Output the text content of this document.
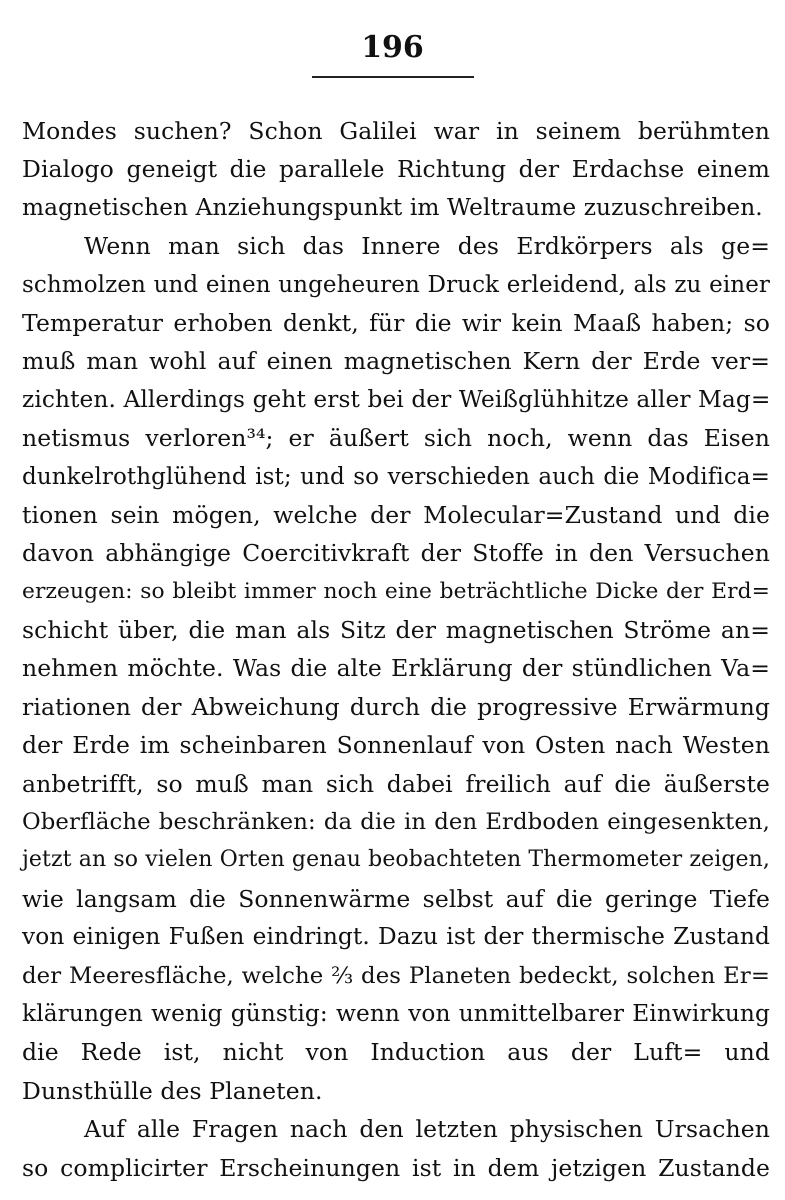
196
Mondes suchen? Schon Galilei war in seinem berühmten
Dialogo geneigt die parallele Richtung der Erdachse einem
magnetischen Anziehungspunkt im Weltraume zuzuschreiben.
Wenn man sich das Innere des Erdkörpers als ge=
schmolzen und einen ungeheuren Druck erleidend, als zu einer
Temperatur erhoben denkt, für die wir kein Maaß haben; so
muß man wohl auf einen magnetischen Kern der Erde ver=
zichten. Allerdings geht erst bei der Weißglühhitze aller Mag=
netismus verloren³⁴; er äußert sich noch, wenn das Eisen
dunkelrothglühend ist; und so verschieden auch die Modifica=
tionen sein mögen, welche der Molecular=Zustand und die
davon abhängige Coercitivkraft der Stoffe in den Versuchen
erzeugen: so bleibt immer noch eine beträchtliche Dicke der Erd=
schicht über, die man als Sitz der magnetischen Ströme an=
nehmen möchte. Was die alte Erklärung der stündlichen Va=
riationen der Abweichung durch die progressive Erwärmung
der Erde im scheinbaren Sonnenlauf von Osten nach Westen
anbetrifft, so muß man sich dabei freilich auf die äußerste
Oberfläche beschränken: da die in den Erdboden eingesenkten,
jetzt an so vielen Orten genau beobachteten Thermometer zeigen,
wie langsam die Sonnenwärme selbst auf die geringe Tiefe
von einigen Fußen eindringt. Dazu ist der thermische Zustand
der Meeresfläche, welche ⅔ des Planeten bedeckt, solchen Er=
klärungen wenig günstig: wenn von unmittelbarer Einwirkung
die Rede ist, nicht von Induction aus der Luft= und
Dunsthülle des Planeten.
Auf alle Fragen nach den letzten physischen Ursachen
so complicirter Erscheinungen ist in dem jetzigen Zustande
